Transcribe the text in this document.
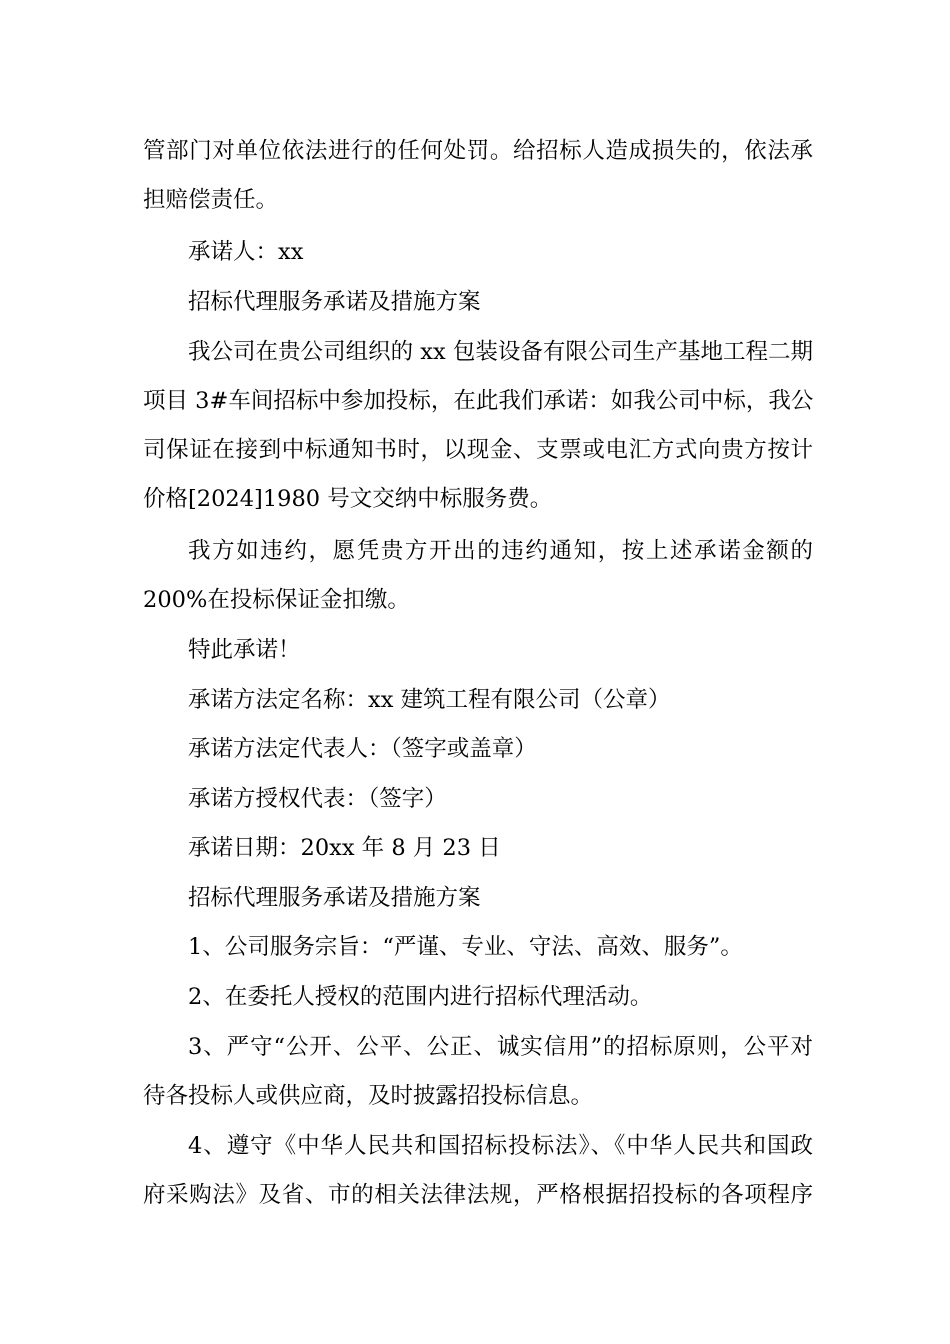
管部门对单位依法进行的任何处罚。给招标人造成损失的，依法承
担赔偿责任。
承诺人：xx
招标代理服务承诺及措施方案
我公司在贵公司组织的 xx 包装设备有限公司生产基地工程二期
项目 3#车间招标中参加投标，在此我们承诺：如我公司中标，我公
司保证在接到中标通知书时，以现金、支票或电汇方式向贵方按计
价格[2024]1980 号文交纳中标服务费。
我方如违约，愿凭贵方开出的违约通知，按上述承诺金额的
200%在投标保证金扣缴。
特此承诺！
承诺方法定名称：xx 建筑工程有限公司（公章）
承诺方法定代表人：（签字或盖章）
承诺方授权代表：（签字）
承诺日期：20xx 年 8 月 23 日
招标代理服务承诺及措施方案
1、公司服务宗旨：“严谨、专业、守法、高效、服务”。
2、在委托人授权的范围内进行招标代理活动。
3、严守“公开、公平、公正、诚实信用”的招标原则，公平对
待各投标人或供应商，及时披露招投标信息。
4、遵守《中华人民共和国招标投标法》、《中华人民共和国政
府采购法》及省、市的相关法律法规，严格根据招投标的各项程序
